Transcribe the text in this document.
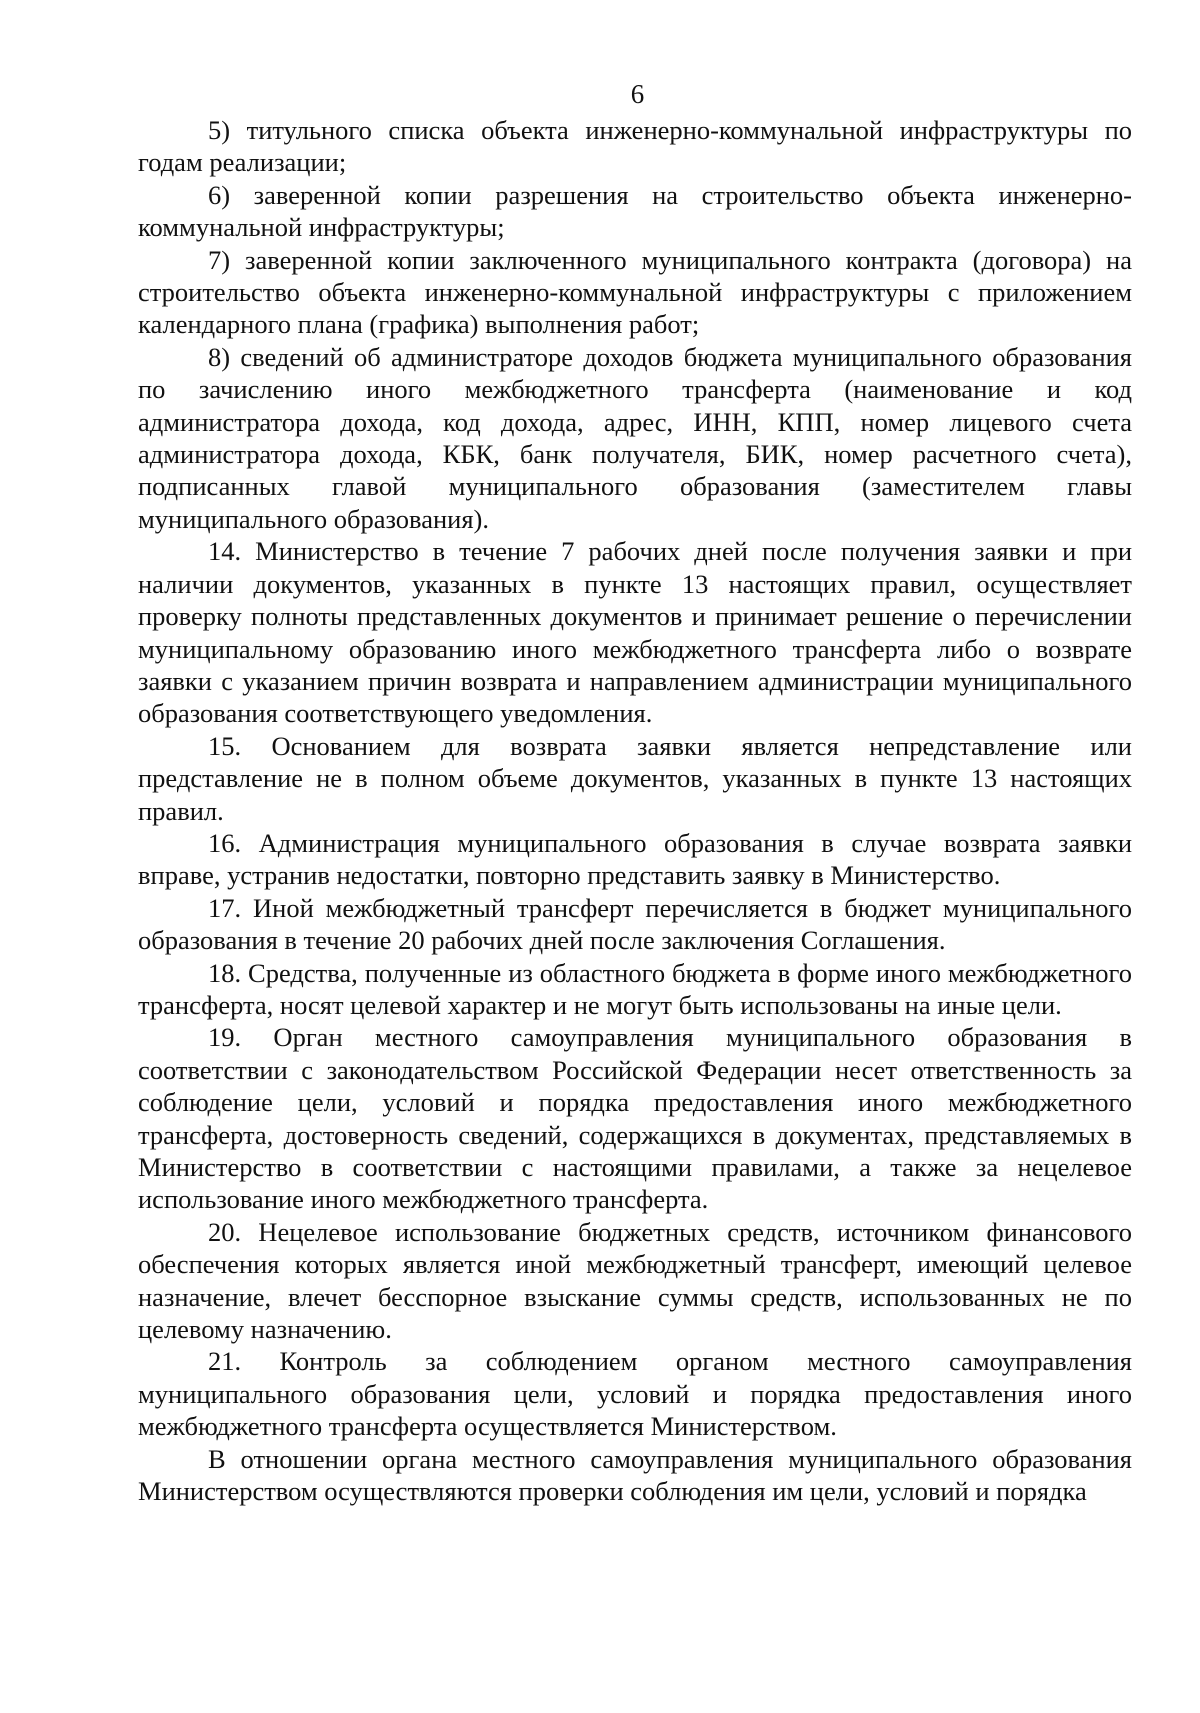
6

5) титульного списка объекта инженерно-коммунальной инфраструктуры по годам реализации;

6) заверенной копии разрешения на строительство объекта инженерно-коммунальной инфраструктуры;

7) заверенной копии заключенного муниципального контракта (договора) на строительство объекта инженерно-коммунальной инфраструктуры с приложением календарного плана (графика) выполнения работ;

8) сведений об администраторе доходов бюджета муниципального образования по зачислению иного межбюджетного трансферта (наименование и код администратора дохода, код дохода, адрес, ИНН, КПП, номер лицевого счета администратора дохода, КБК, банк получателя, БИК, номер расчетного счета), подписанных главой муниципального образования (заместителем главы муниципального образования).

14. Министерство в течение 7 рабочих дней после получения заявки и при наличии документов, указанных в пункте 13 настоящих правил, осуществляет проверку полноты представленных документов и принимает решение о перечислении муниципальному образованию иного межбюджетного трансферта либо о возврате заявки с указанием причин возврата и направлением администрации муниципального образования соответствующего уведомления.

15. Основанием для возврата заявки является непредставление или представление не в полном объеме документов, указанных в пункте 13 настоящих правил.

16. Администрация муниципального образования в случае возврата заявки вправе, устранив недостатки, повторно представить заявку в Министерство.

17. Иной межбюджетный трансферт перечисляется в бюджет муниципального образования в течение 20 рабочих дней после заключения Соглашения.

18. Средства, полученные из областного бюджета в форме иного межбюджетного трансферта, носят целевой характер и не могут быть использованы на иные цели.

19. Орган местного самоуправления муниципального образования в соответствии с законодательством Российской Федерации несет ответственность за соблюдение цели, условий и порядка предоставления иного межбюджетного трансферта, достоверность сведений, содержащихся в документах, представляемых в Министерство в соответствии с настоящими правилами, а также за нецелевое использование иного межбюджетного трансферта.

20. Нецелевое использование бюджетных средств, источником финансового обеспечения которых является иной межбюджетный трансферт, имеющий целевое назначение, влечет бесспорное взыскание суммы средств, использованных не по целевому назначению.

21. Контроль за соблюдением органом местного самоуправления муниципального образования цели, условий и порядка предоставления иного межбюджетного трансферта осуществляется Министерством.

В отношении органа местного самоуправления муниципального образования Министерством осуществляются проверки соблюдения им цели, условий и порядка
